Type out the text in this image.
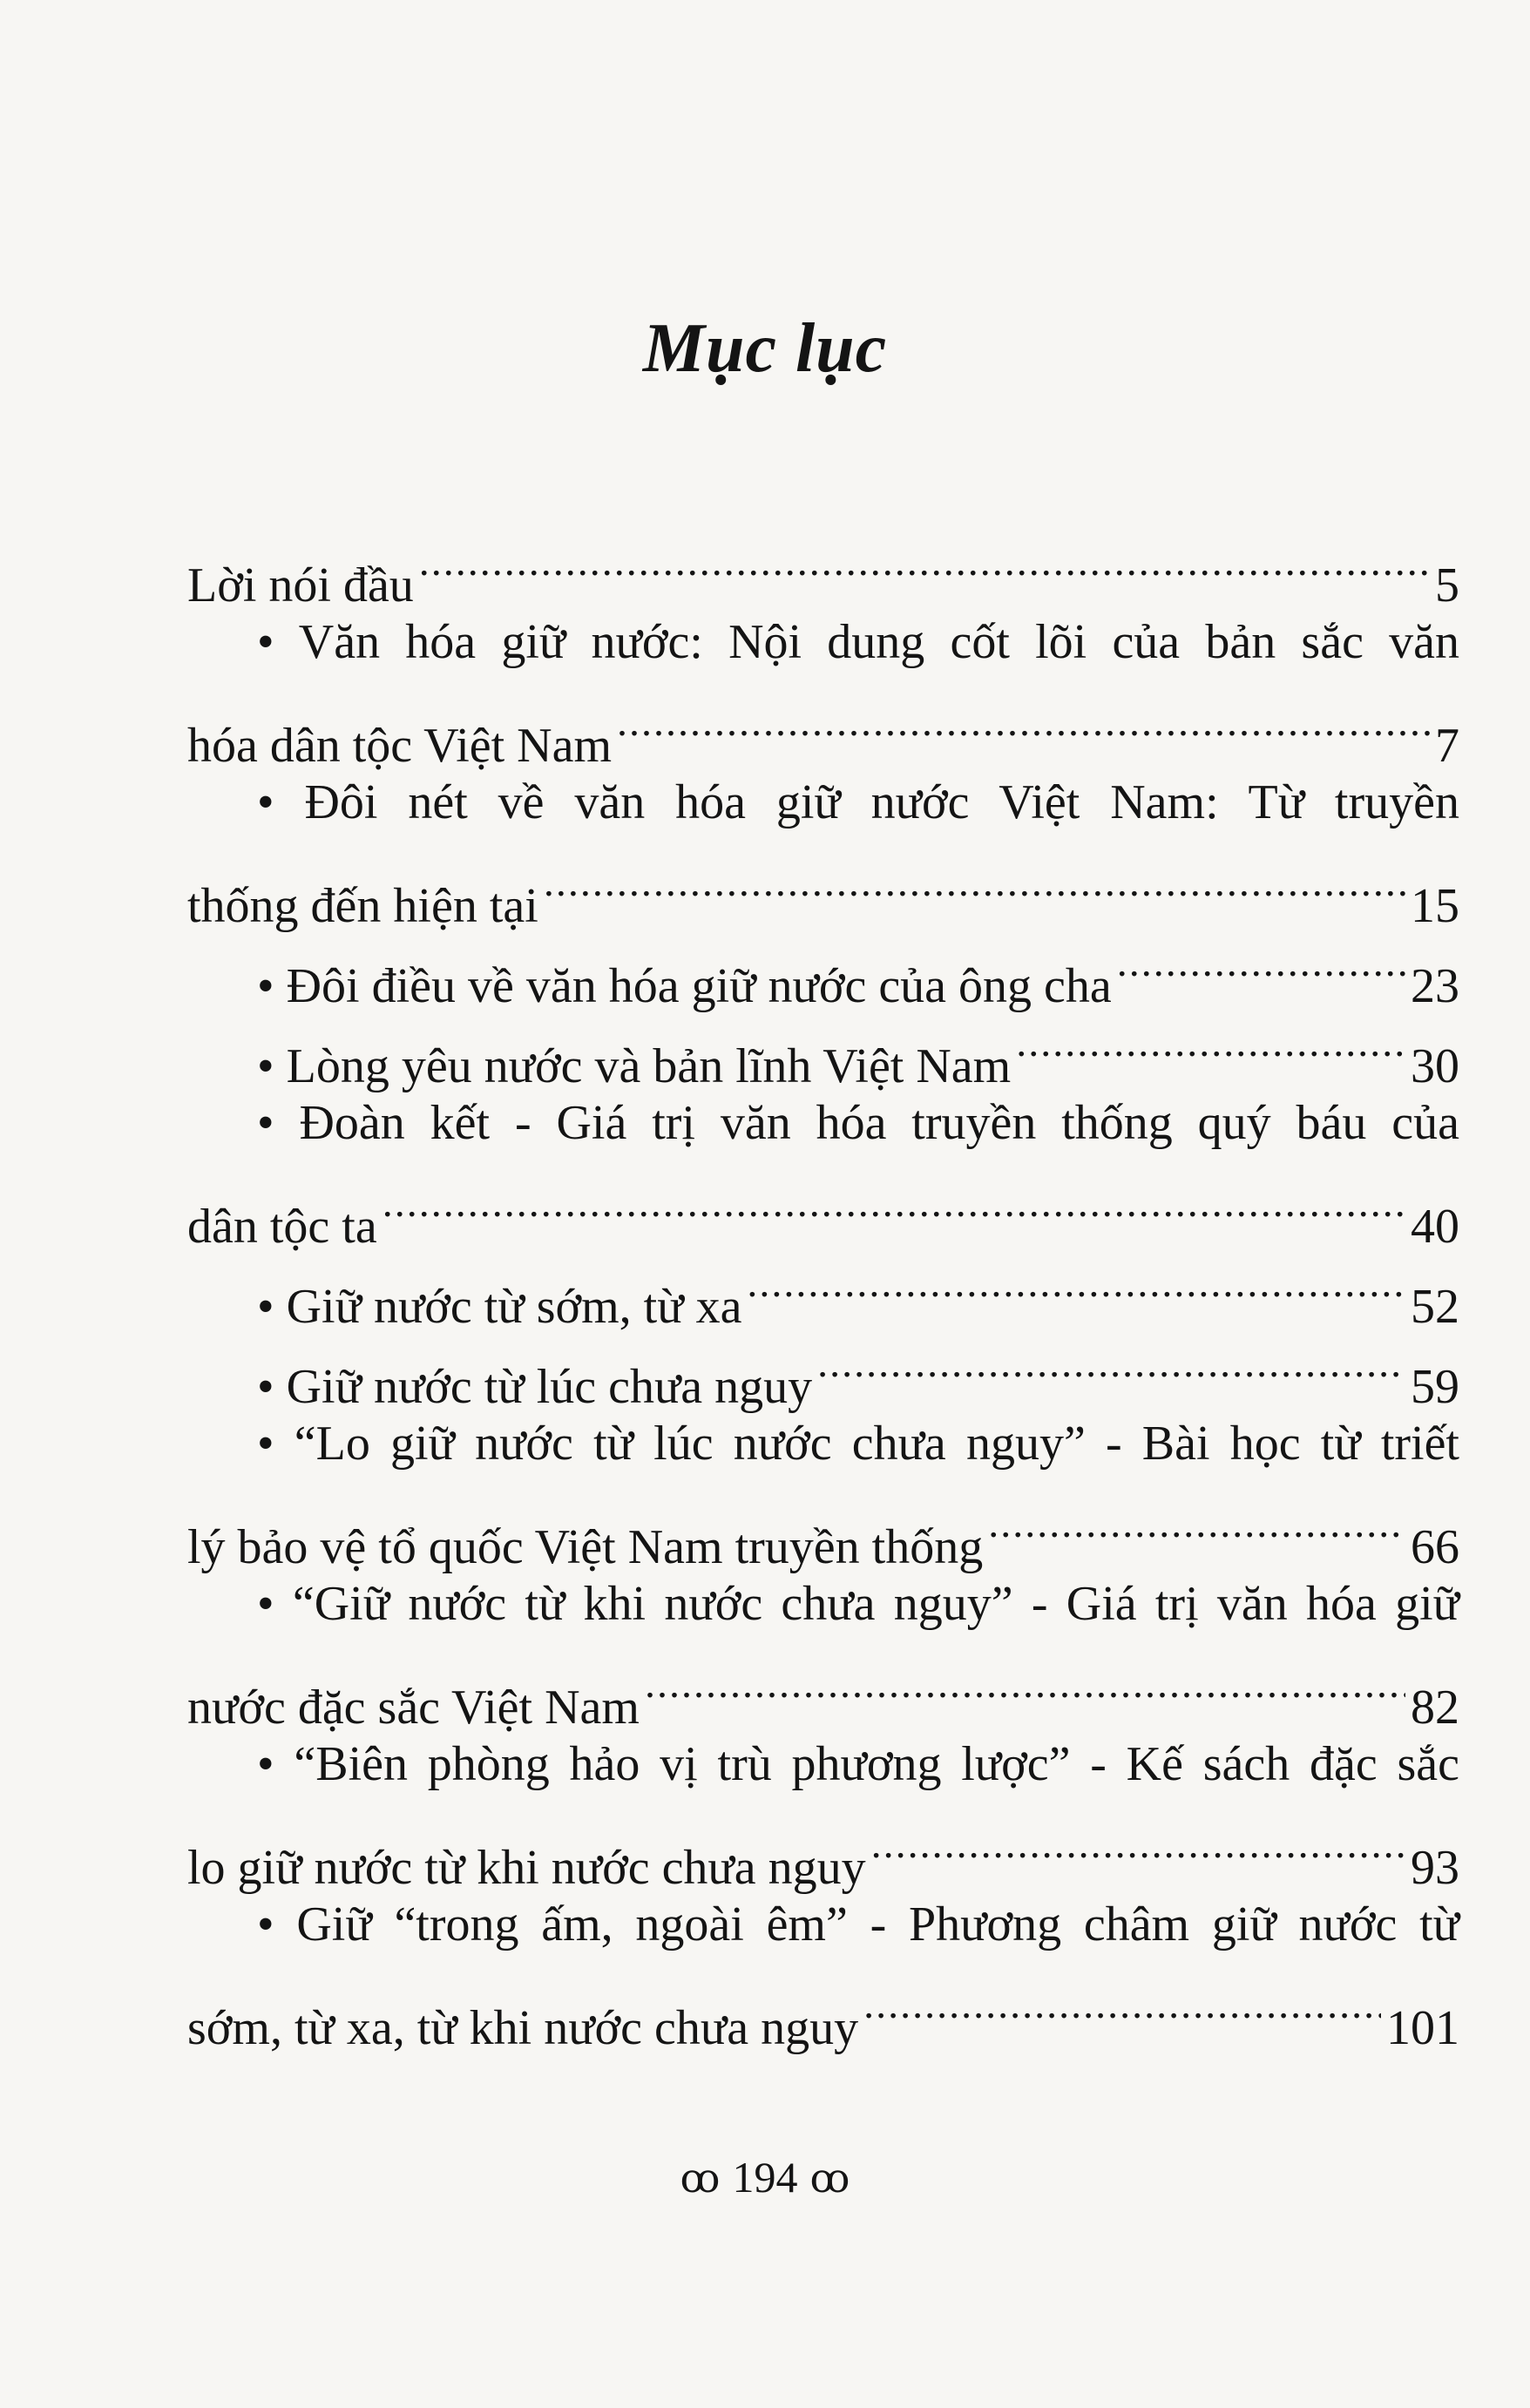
Mục lục
Lời nói đầu .....	5
• Văn hóa giữ nước: Nội dung cốt lõi của bản sắc văn
hóa dân tộc Việt Nam .....	7
• Đôi nét về văn hóa giữ nước Việt Nam: Từ truyền
thống đến hiện tại .....	15
• Đôi điều về văn hóa giữ nước của ông cha .....	23
• Lòng yêu nước và bản lĩnh Việt Nam .....	30
• Đoàn kết - Giá trị văn hóa truyền thống quý báu của
dân tộc ta .....	40
• Giữ nước từ sớm, từ xa .....	52
• Giữ nước từ lúc chưa nguy .....	59
• “Lo giữ nước từ lúc nước chưa nguy” - Bài học từ triết
lý bảo vệ tổ quốc Việt Nam truyền thống .....	66
• “Giữ nước từ khi nước chưa nguy” - Giá trị văn hóa giữ
nước đặc sắc Việt Nam .....	82
• “Biên phòng hảo vị trù phương lược” - Kế sách đặc sắc
lo giữ nước từ khi nước chưa nguy .....	93
• Giữ “trong ấm, ngoài êm” - Phương châm giữ nước từ
sớm, từ xa, từ khi nước chưa nguy .....	101
ꝏ 194 ꝏ
